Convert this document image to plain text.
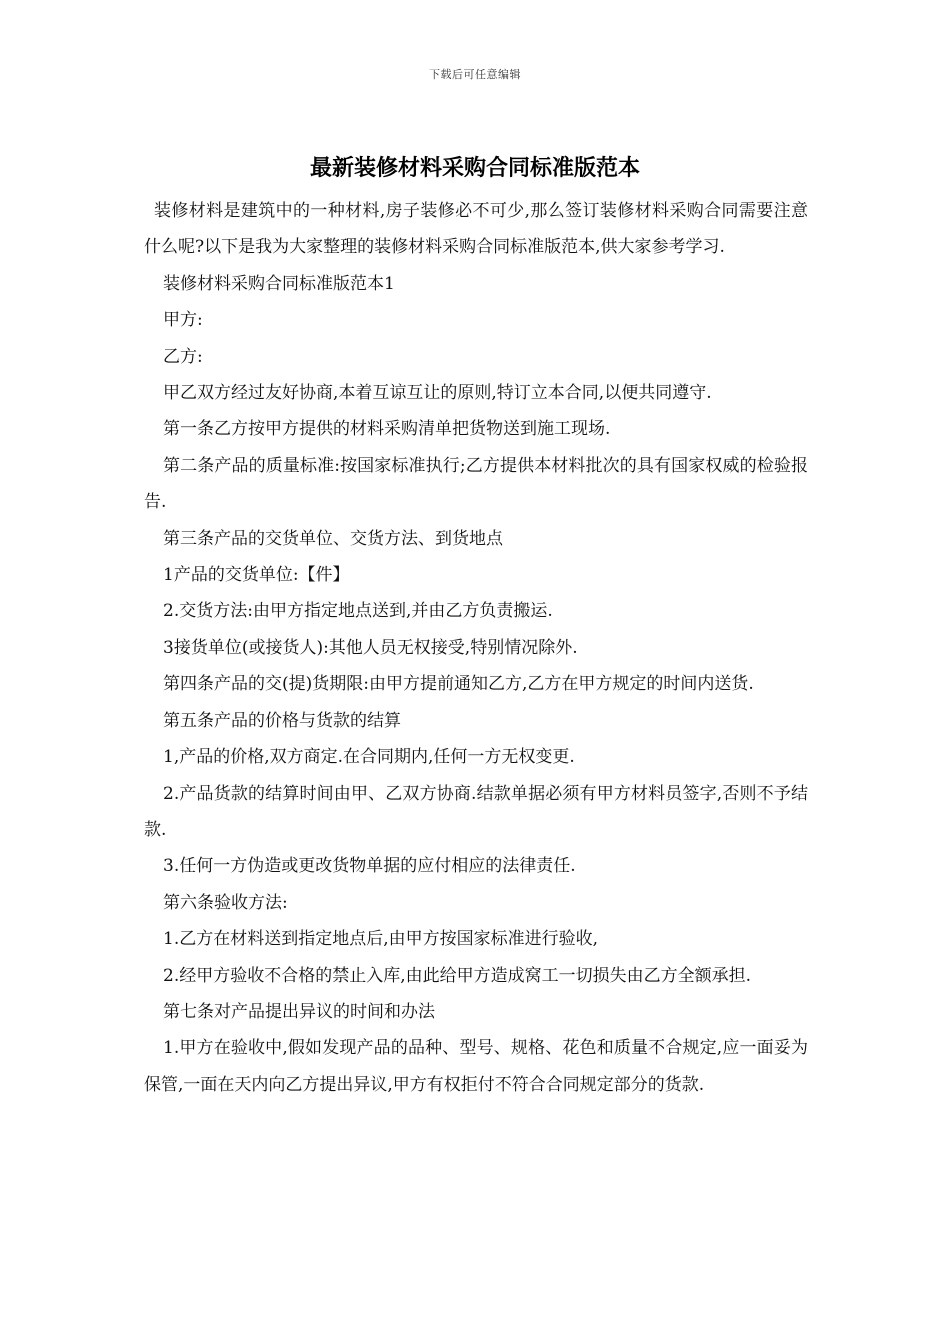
下载后可任意编辑
最新装修材料采购合同标准版范本

装修材料是建筑中的一种材料,房子装修必不可少,那么签订装修材料采购合同需要注意什么呢?以下是我为大家整理的装修材料采购合同标准版范本,供大家参考学习.

装修材料采购合同标准版范本1

甲方:

乙方:

甲乙双方经过友好协商,本着互谅互让的原则,特订立本合同,以便共同遵守.

第一条乙方按甲方提供的材料采购清单把货物送到施工现场.

第二条产品的质量标准:按国家标准执行;乙方提供本材料批次的具有国家权威的检验报告.

第三条产品的交货单位、交货方法、到货地点

1产品的交货单位:【件】

2.交货方法:由甲方指定地点送到,并由乙方负责搬运.

3接货单位(或接货人):其他人员无权接受,特别情况除外.

第四条产品的交(提)货期限:由甲方提前通知乙方,乙方在甲方规定的时间内送货.

第五条产品的价格与货款的结算

1,产品的价格,双方商定.在合同期内,任何一方无权变更.

2.产品货款的结算时间由甲、乙双方协商.结款单据必须有甲方材料员签字,否则不予结款.

3.任何一方伪造或更改货物单据的应付相应的法律责任.

第六条验收方法:

1.乙方在材料送到指定地点后,由甲方按国家标准进行验收,

2.经甲方验收不合格的禁止入库,由此给甲方造成窝工一切损失由乙方全额承担.

第七条对产品提出异议的时间和办法

1.甲方在验收中,假如发现产品的品种、型号、规格、花色和质量不合规定,应一面妥为保管,一面在天内向乙方提出异议,甲方有权拒付不符合合同规定部分的货款.
